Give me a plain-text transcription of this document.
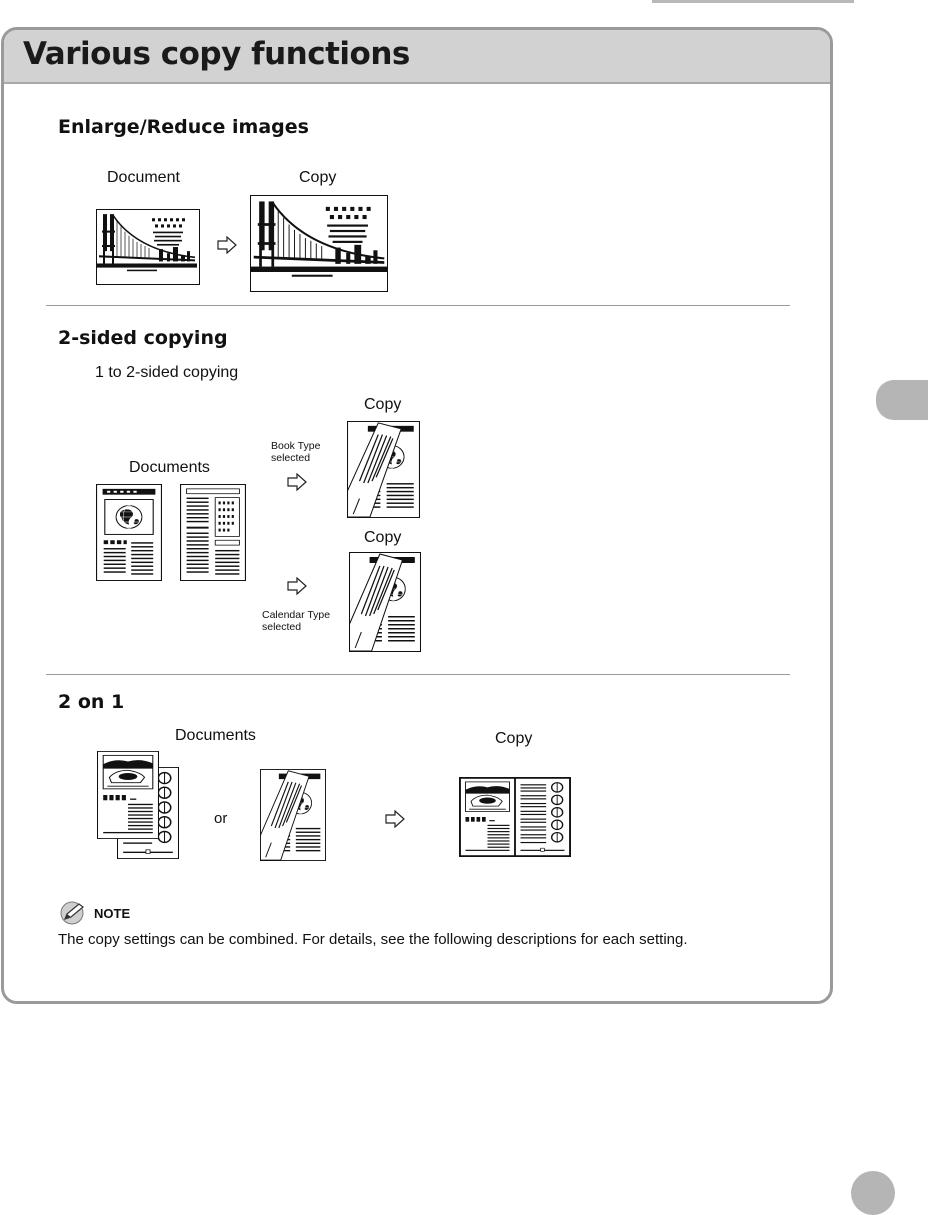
Various copy functions
Enlarge/Reduce images
Document	Copy
2-sided copying
1 to 2-sided copying
Documents
Book Type
selected
Calendar Type
selected
Copy
Copy
2 on 1
Documents
or
Copy
NOTE
The copy settings can be combined. For details, see the following descriptions for each setting.
